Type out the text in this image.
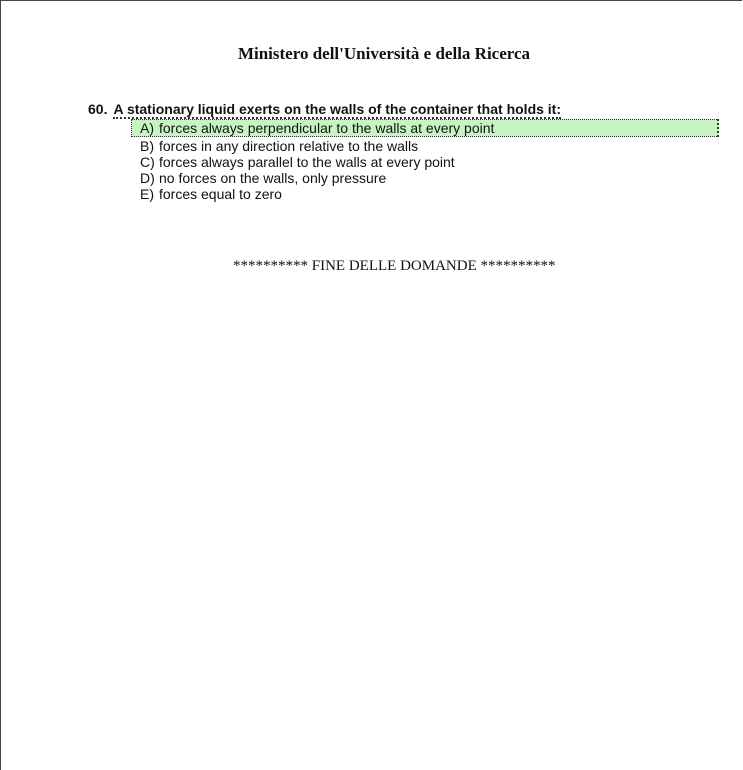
Ministero dell'Università e della Ricerca
60. A stationary liquid exerts on the walls of the container that holds it:
A) forces always perpendicular to the walls at every point
B) forces in any direction relative to the walls
C) forces always parallel to the walls at every point
D) no forces on the walls, only pressure
E) forces equal to zero
********** FINE DELLE DOMANDE **********
